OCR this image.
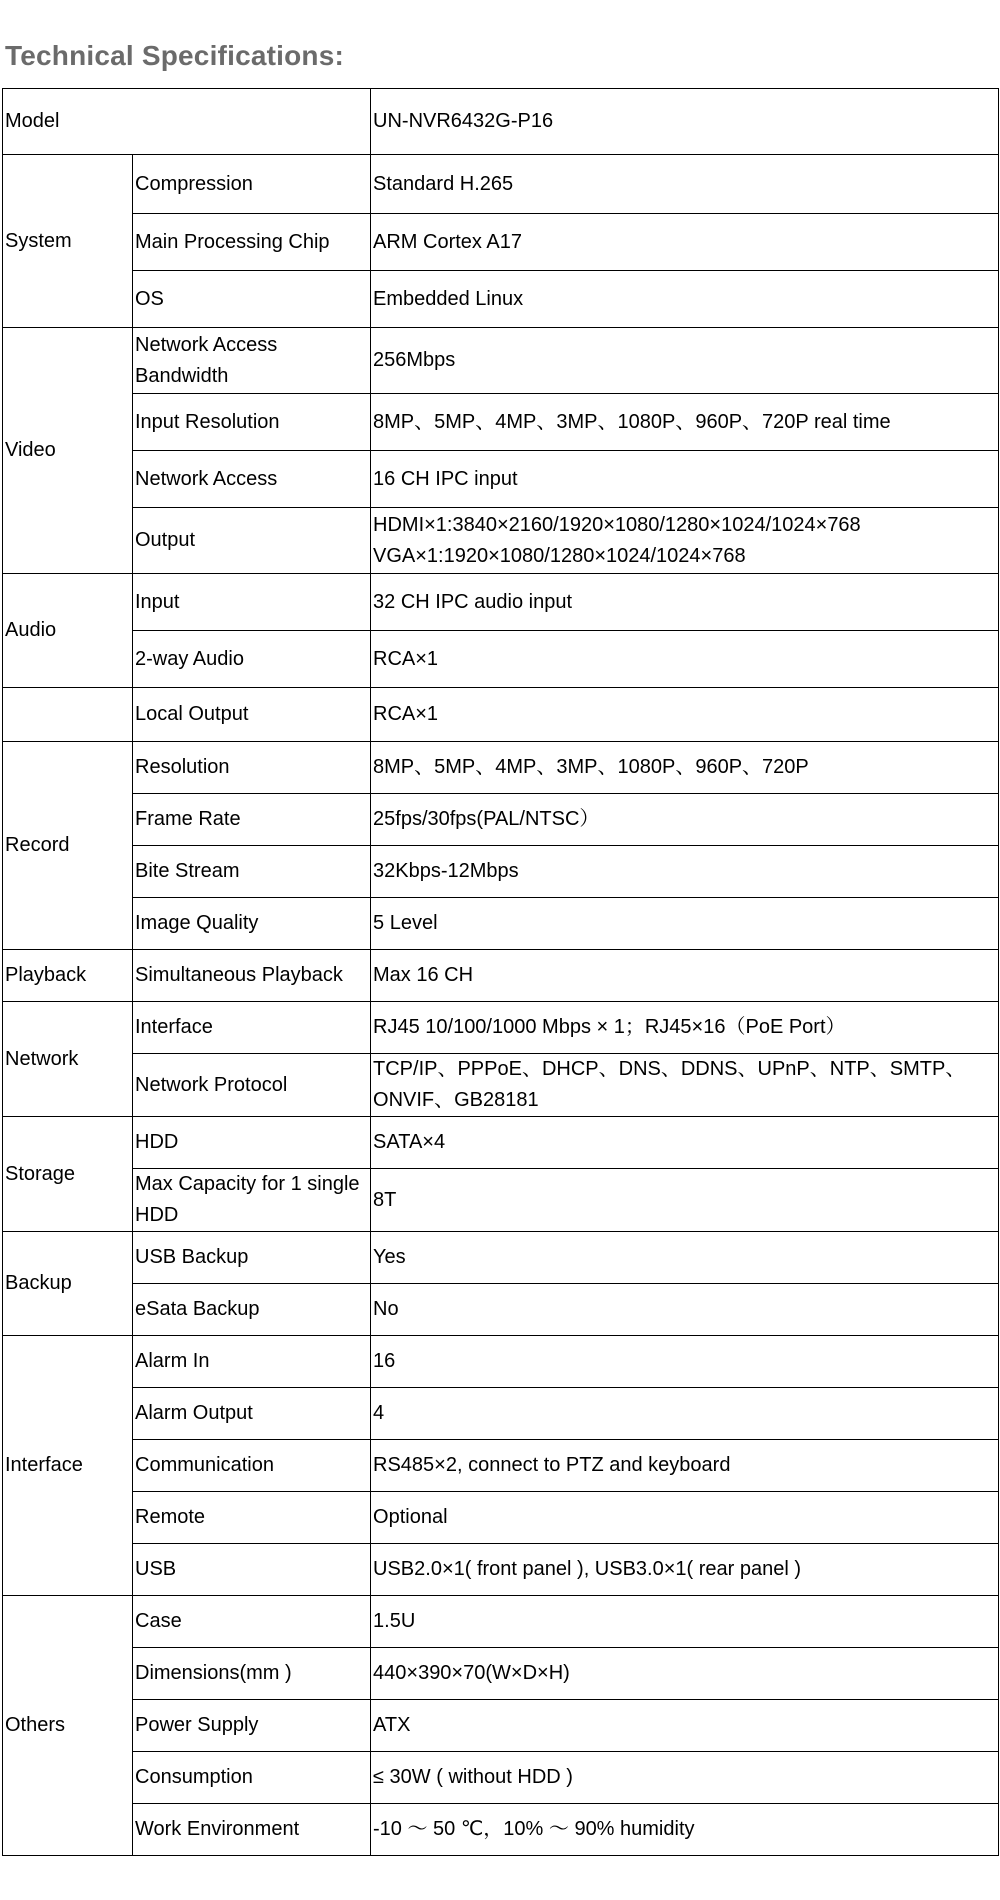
Technical Specifications:
Model		UN-NVR6432G-P16
System	Compression	Standard H.265
	Main Processing Chip	ARM Cortex A17
	OS	Embedded Linux
Video	Network Access Bandwidth	256Mbps
	Input Resolution	8MP、5MP、4MP、3MP、1080P、960P、720P real time
	Network Access	16 CH IPC input
	Output	HDMI×1:3840×2160/1920×1080/1280×1024/1024×768
VGA×1:1920×1080/1280×1024/1024×768

Audio	Input	32 CH IPC audio input
	2-way Audio	RCA×1
	Local Output	RCA×1
Record	Resolution	8MP、5MP、4MP、3MP、1080P、960P、720P
	Frame Rate	25fps/30fps(PAL/NTSC）
	Bite Stream	32Kbps-12Mbps
	Image Quality	5 Level
Playback	Simultaneous Playback	Max 16 CH
Network	Interface	RJ45 10/100/1000 Mbps × 1；RJ45×16（PoE Port）
	Network Protocol	TCP/IP、PPPoE、DHCP、DNS、DDNS、UPnP、NTP、SMTP、ONVIF、GB28181
Storage	HDD	SATA×4
	Max Capacity for 1 single HDD	8T
Backup	USB Backup	Yes
	eSata Backup	No
Interface	Alarm In	16
	Alarm Output	4
	Communication	RS485×2, connect to PTZ and keyboard
	Remote	Optional
	USB	USB2.0×1( front panel ), USB3.0×1( rear panel )
Others	Case	1.5U
	Dimensions(mm )	440×390×70(W×D×H)
	Power Supply	ATX
	Consumption	≤ 30W ( without HDD )
	Work Environment	-10 ～ 50 ℃，10% ～ 90% humidity
